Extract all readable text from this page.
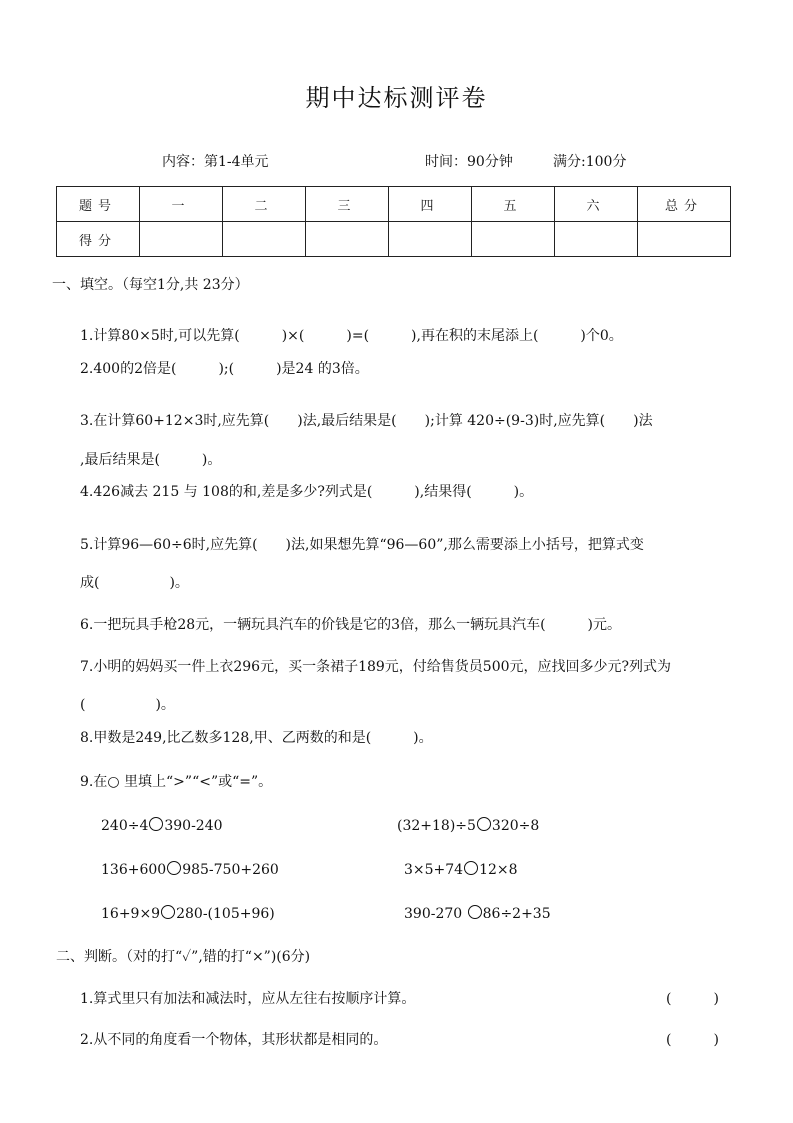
期中达标测评卷
内容：第1-4单元	时间：90分钟	满分:100分
题号	一	二	三	四	五	六	总分
得分							
一、填空。（每空1分,共 23分）
1.计算80×5时,可以先算(　　　)×(　　　)=(　　　),再在积的末尾添上(　　　)个0。
2.400的2倍是(　　　);(　　　)是24 的3倍。
3.在计算60+12×3时,应先算(　　)法,最后结果是(　　);计算 420÷(9-3)时,应先算(　　)法
,最后结果是(　　　)。
4.426减去 215 与 108的和,差是多少?列式是(　　　),结果得(　　　)。
5.计算96—60÷6时,应先算(　　)法,如果想先算“96—60”,那么需要添上小括号，把算式变
成(　　　　　)。
6.一把玩具手枪28元，一辆玩具汽车的价钱是它的3倍，那么一辆玩具汽车(　　　)元。
7.小明的妈妈买一件上衣296元，买一条裙子189元，付给售货员500元，应找回多少元?列式为
(　　　　　)。
8.甲数是249,比乙数多128,甲、乙两数的和是(　　　)。
9.在○ 里填上“>”“<”或“=”。
240÷4 390-240	(32+18)÷5 320÷8
136+600 985-750+260	3×5+74 12×8
16+9×9 280-(105+96)	390-270 86÷2+35
二、判断。（对的打“✓”,错的打“×”)(6分)
1.算式里只有加法和减法时，应从左往右按顺序计算。	(　　　)
2.从不同的角度看一个物体，其形状都是相同的。	(　　　)
